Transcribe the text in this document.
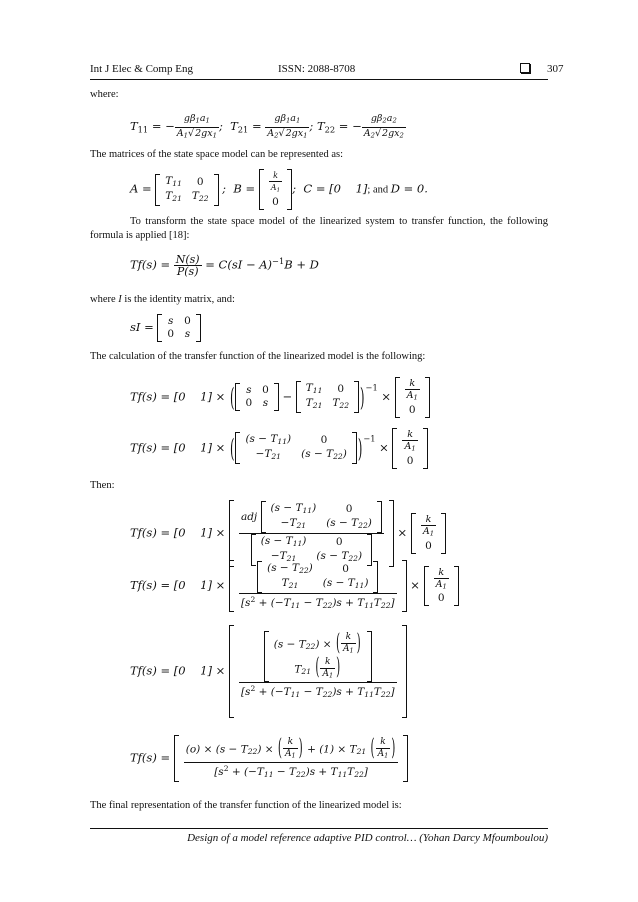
Int J Elec & Comp Eng	ISSN: 2088-8708	307
where:
$T_{11}$ = − $\frac{g\beta_1a_1}{A_1√2gx_1}$ ;  $T_{21} = \frac{g\beta_1a_1}{A_2√2gx_1}$ ; $T_{22}$ = − $\frac{g\beta_2a_2}{A_2√2gx_2}$
The matrices of the state space model can be represented as:
A =
$T_{11}$	0
$T_{21}$	$T_{22}$
;  $B = \frac{k}{A_1}$

0
;  C = [0    1]; and D = 0.
To transform the state space model of the linearized system to transfer function, the following formula is applied [18]:
$Tf(s) = \frac{N(s)}{P(s)} = C(sI - A)^{-1}B + D$
where I is the identity matrix, and:
sI = s	0
0	s
The calculation of the transfer function of the linearized model is the following:
Tf(s) = [0    1] × ( s	0
0	s −
$T_{11}$	0
$T_{21}$	$T_{22}$ )$^{-1} \times \frac{k}{A_1}$

0
Tf(s) = [0    1] × ( $(s - T_{11})$	0
$-T_{21}$	$(s - T_{22})$ )$^{-1} \times \frac{k}{A_1}$

0
Then:
Tf(s) = [0    1] × adj
$(s - T_{11})$	0
$-T_{21}$	$(s - T_{22})$
$(s - T_{11})$	0
$-T_{21}$	$(s - T_{22}) \times \frac{k}{A_1}$

0
Tf(s) = [0    $1] \times (s - T_{22})$	0
$T_{21}$	$(s - T_{11})$
$[s^2 + (-T_{11} - T_{22})s + T_{11}T_{22}] \times \frac{k}{A_1}$

0
Tf(s) = [0    $1] \times (s - T_{22})$ × ( $\frac{k}{A_1}$ )
$T_{21}$ ( $\frac{k}{A_1}$ )
$[s^2 + (-T_{11} - T_{22})s + T_{11}T_{22}]$
$Tf(s) = \frac{(o) \times (s - T_{22}) \times ( \frac{k}{A_1} ) + (1) \times T_{21} ( \frac{k}{A_1} )}{[s^2 + (-T_{11} - T_{22})s + T_{11}T_{22}]}$
The final representation of the transfer function of the linearized model is:
Design of a model reference adaptive PID control… (Yohan Darcy Mfoumboulou)
